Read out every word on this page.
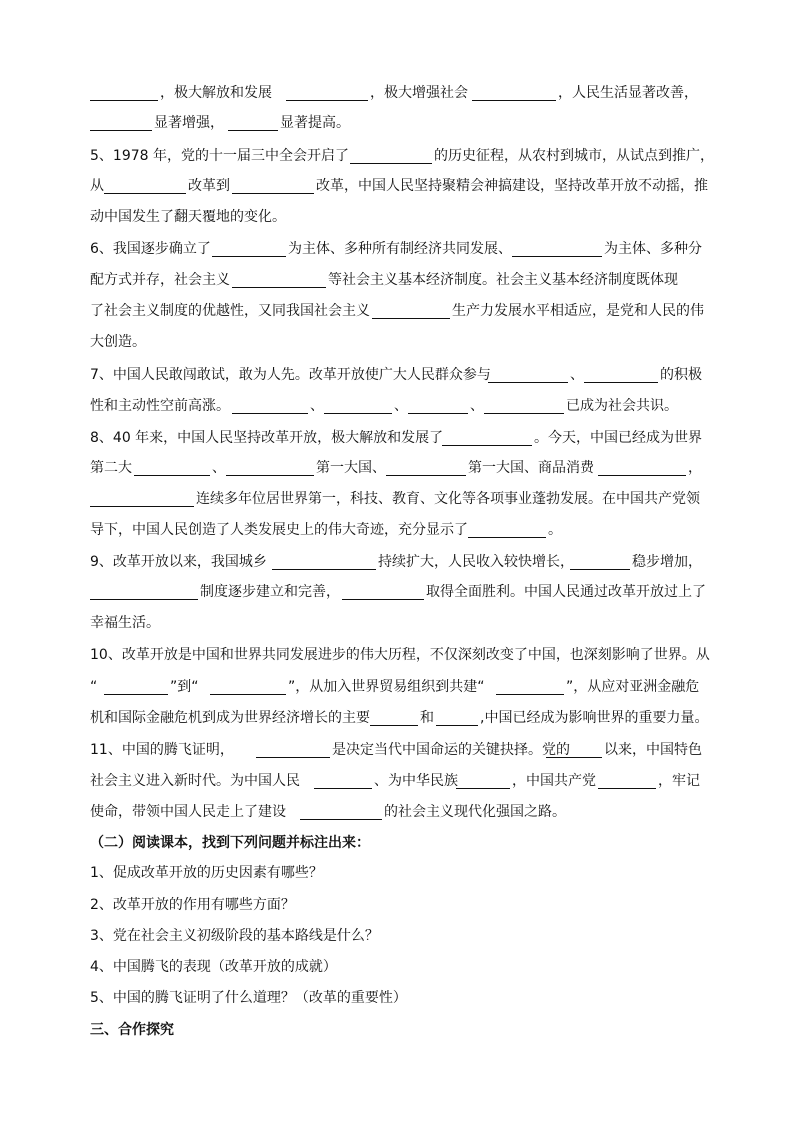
，极大解放和发展	，极大增强社会	，人民生活显著改善，
显著增强，	显著提高。
5、1978 年，党的十一届三中全会开启了	的历史征程，从农村到城市，从试点到推广，
从	改革到	改革，中国人民坚持聚精会神搞建设，坚持改革开放不动摇，推
动中国发生了翻天覆地的变化。
6、我国逐步确立了	为主体、多种所有制经济共同发展、	为主体、多种分
配方式并存，社会主义	等社会主义基本经济制度。社会主义基本经济制度既体现
了社会主义制度的优越性，又同我国社会主义	生产力发展水平相适应，是党和人民的伟
大创造。
7、中国人民敢闯敢试，敢为人先。改革开放使广大人民群众参与	、	的积极
性和主动性空前高涨。	、	、	、	已成为社会共识。
8、40 年来，中国人民坚持改革开放，极大解放和发展了	。今天，中国已经成为世界
第二大	、	第一大国、	第一大国、商品消费	，
连续多年位居世界第一，科技、教育、文化等各项事业蓬勃发展。在中国共产党领
导下，中国人民创造了人类发展史上的伟大奇迹，充分显示了	。
9、改革开放以来，我国城乡	持续扩大，人民收入较快增长，	稳步增加，
制度逐步建立和完善，	取得全面胜利。中国人民通过改革开放过上了
幸福生活。
10、改革开放是中国和世界共同发展进步的伟大历程，不仅深刻改变了中国，也深刻影响了世界。从
“	”到“	”，从加入世界贸易组织到共建“	”，从应对亚洲金融危
机和国际金融危机到成为世界经济增长的主要	和	,中国已经成为影响世界的重要力量。
11、中国的腾飞证明，	是决定当代中国命运的关键抉择。党的 以来，中国特色
社会主义进入新时代。为中国人民	、为中华民族	，中国共产党	，牢记
使命，带领中国人民走上了建设	的社会主义现代化强国之路。
（二）阅读课本，找到下列问题并标注出来：
1、促成改革开放的历史因素有哪些？
2、改革开放的作用有哪些方面？
3、党在社会主义初级阶段的基本路线是什么？
4、中国腾飞的表现（改革开放的成就）
5、中国的腾飞证明了什么道理？（改革的重要性）
三、合作探究
